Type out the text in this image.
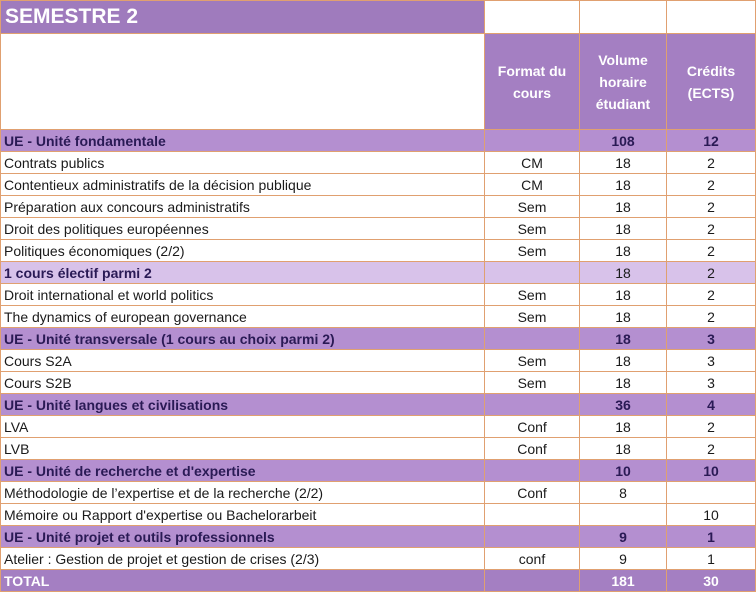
SEMESTRE 2			
	Format du cours	Volume horaire étudiant	Crédits (ECTS)
UE - Unité fondamentale		108	12
Contrats publics	CM	18	2
Contentieux administratifs de la décision publique	CM	18	2
Préparation aux concours administratifs	Sem	18	2
Droit des politiques européennes	Sem	18	2
Politiques économiques (2/2)	Sem	18	2
1 cours électif parmi 2		18	2
Droit international et world politics	Sem	18	2
The dynamics of european governance	Sem	18	2
UE - Unité transversale (1 cours au choix parmi 2)		18	3
Cours S2A	Sem	18	3
Cours S2B	Sem	18	3
UE - Unité langues et civilisations		36	4
LVA	Conf	18	2
LVB	Conf	18	2
UE - Unité de recherche et d'expertise		10	10
Méthodologie de l’expertise et de la recherche (2/2)	Conf	8	
Mémoire ou Rapport d'expertise ou Bachelorarbeit			10
UE - Unité projet et outils professionnels		9	1
Atelier : Gestion de projet et gestion de crises (2/3)	conf	9	1
TOTAL		181	30
